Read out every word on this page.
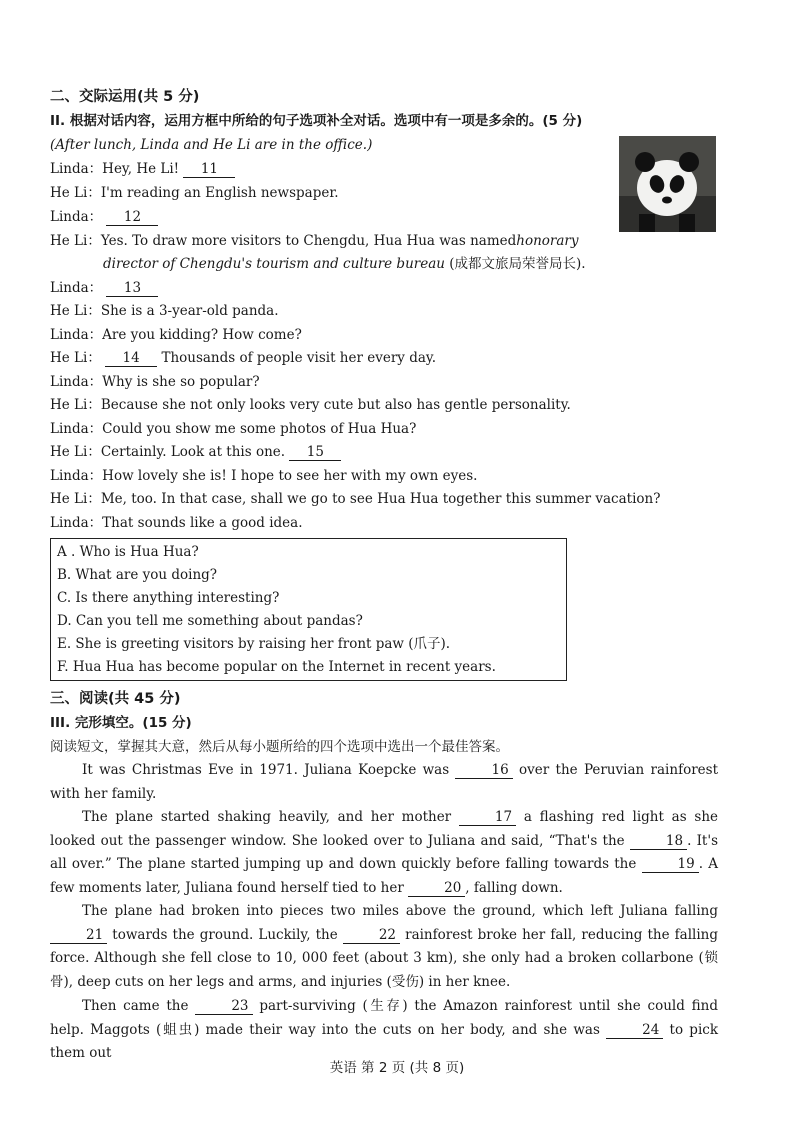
二、交际运用(共 5 分)
II. 根据对话内容，运用方框中所给的句子选项补全对话。选项中有一项是多余的。(5 分)
(After lunch, Linda and He Li are in the office.)
Linda：Hey, He Li! 11
He Li：I'm reading an English newspaper.
Linda： 12
He Li：Yes. To draw more visitors to Chengdu, Hua Hua was namedhonorary
director of Chengdu's tourism and culture bureau (成都文旅局荣誉局长).
Linda： 13
He Li：She is a 3-year-old panda.
Linda：Are you kidding? How come?
He Li： 14 Thousands of people visit her every day.
Linda：Why is she so popular?
He Li：Because she not only looks very cute but also has gentle personality.
Linda：Could you show me some photos of Hua Hua?
He Li：Certainly. Look at this one. 15
Linda：How lovely she is! I hope to see her with my own eyes.
He Li：Me, too. In that case, shall we go to see Hua Hua together this summer vacation?
Linda：That sounds like a good idea.
A . Who is Hua Hua?
B. What are you doing?
C. Is there anything interesting?
D. Can you tell me something about pandas?
E. She is greeting visitors by raising her front paw (爪子).
F. Hua Hua has become popular on the Internet in recent years.
三、阅读(共 45 分)
III. 完形填空。(15 分)
阅读短文，掌握其大意，然后从每小题所给的四个选项中选出一个最佳答案。
It was Christmas Eve in 1971. Juliana Koepcke was	16 over the Peruvian rainforest with her family.
The plane started shaking heavily, and her mother	17 a flashing red light as she looked out the passenger window. She looked over to Juliana and said, “That's the	18 . It's all over.” The plane started jumping up and down quickly before falling towards the	19 . A few moments later, Juliana found herself tied to her	20 , falling down.
The plane had broken into pieces two miles above the ground, which left Juliana falling 21 towards the ground. Luckily, the	22 rainforest broke her fall, reducing the falling force. Although she fell close to 10, 000 feet (about 3 km), she only had a broken collarbone (锁骨), deep cuts on her legs and arms, and injuries (受伤) in her knee.
Then came the	23 part-surviving (生存) the Amazon rainforest until she could find help. Maggots (蛆虫) made their way into the cuts on her body, and she was	24 to pick them out
英语 第 2 页 (共 8 页)
